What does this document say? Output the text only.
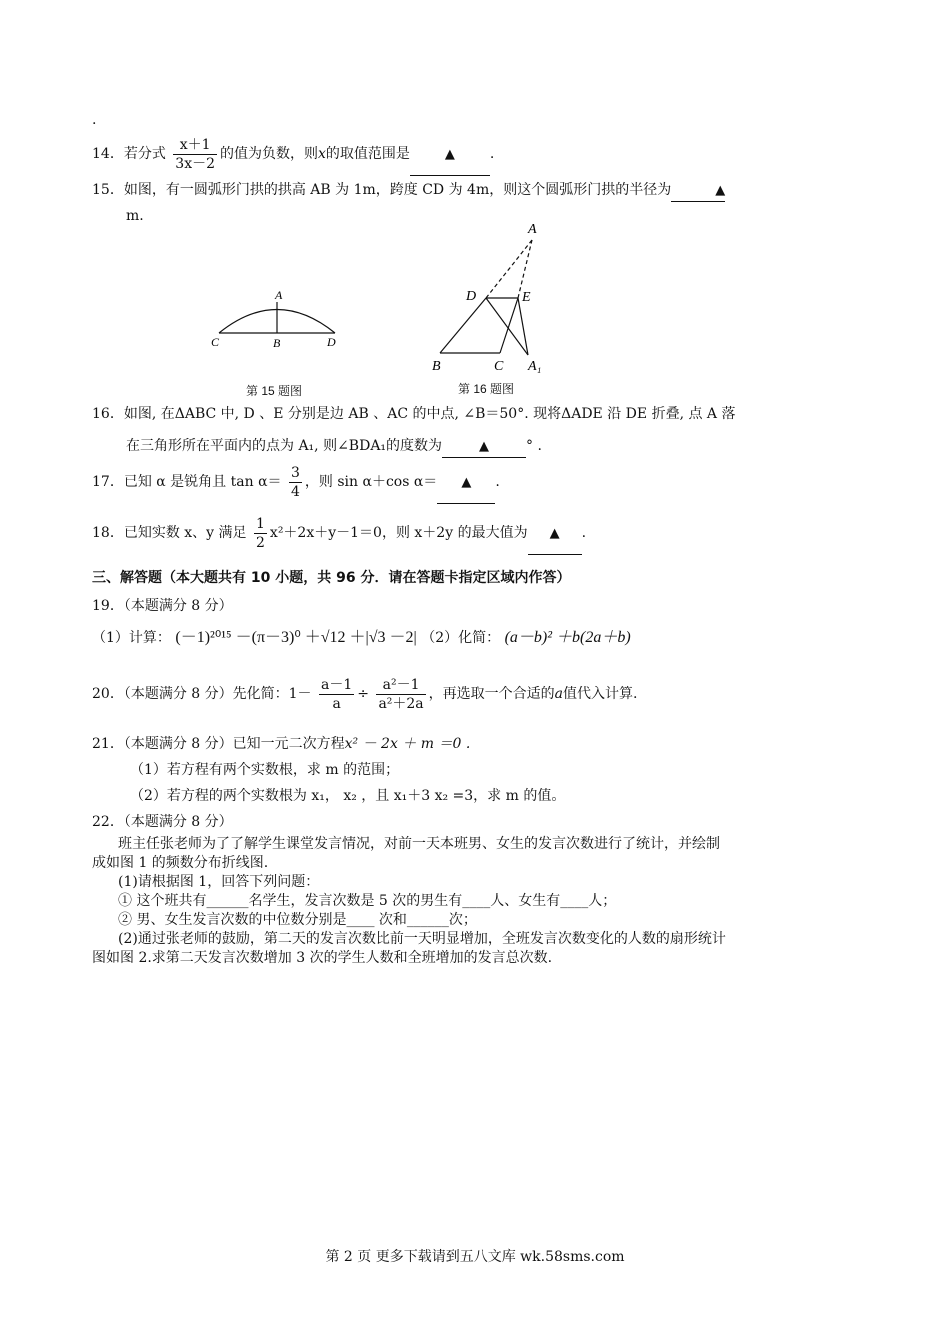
.
14．若分式 $\frac{x+1}{3x-2}$ 的值为负数，则x的取值范围是	▲	.
15．如图，有一圆弧形门拱的拱高 AB 为 1m，跨度 CD 为 4m，则这个圆弧形门拱的半径为	▲
m.
A
B
C	D
第 15 题图
A
D	E
B	C A₁
第 16 题图
16．如图, 在ΔABC 中, D 、E 分别是边 AB 、AC 的中点, ∠B＝50°. 现将ΔADE 沿 DE 折叠, 点 A 落
在三角形所在平面内的点为 A₁, 则∠BDA₁的度数为	▲	° .
17．已知 α 是锐角且 $\tan \alpha= \frac{3}{4}$ ，则 sin α＋cos α＝ ▲ .
18．已知实数 x、y 满足 $\frac{1}{2} x^2+2x+y-1=0$，则 x＋2y 的最大值为 ▲ .
三、解答题（本大题共有 10 小题，共 96 分．请在答题卡指定区域内作答）
19．（本题满分 8 分）
（1）计算： (－1)²⁰¹⁵ －(π－3)⁰ ＋√12 ＋|√3 －2| （2）化简： (a－b)² ＋b(2a＋b)
20．（本题满分 8 分）先化简：$1- \frac{a-1}{a} \div \frac{\text{a²－1}}{\text{a²＋2a}}$ ，再选取一个合适的a值代入计算.
21．（本题满分 8 分）已知一元二次方程x² － 2x ＋ m ＝0 .
（1）若方程有两个实数根，求 m 的范围；
（2）若方程的两个实数根为 x₁， x₂ ，且 x₁＋3 x₂ =3，求 m 的值。
22．（本题满分 8 分）
班主任张老师为了了解学生课堂发言情况，对前一天本班男、女生的发言次数进行了统计，并绘制
成如图 1 的频数分布折线图.
(1)请根据图 1，回答下列问题：
① 这个班共有______名学生，发言次数是 5 次的男生有____人、女生有____人；
② 男、女生发言次数的中位数分别是____ 次和______次；
(2)通过张老师的鼓励，第二天的发言次数比前一天明显增加，全班发言次数变化的人数的扇形统计
图如图 2.求第二天发言次数增加 3 次的学生人数和全班增加的发言总次数.
第 2 页 更多下载请到五八文库 wk.58sms.com
